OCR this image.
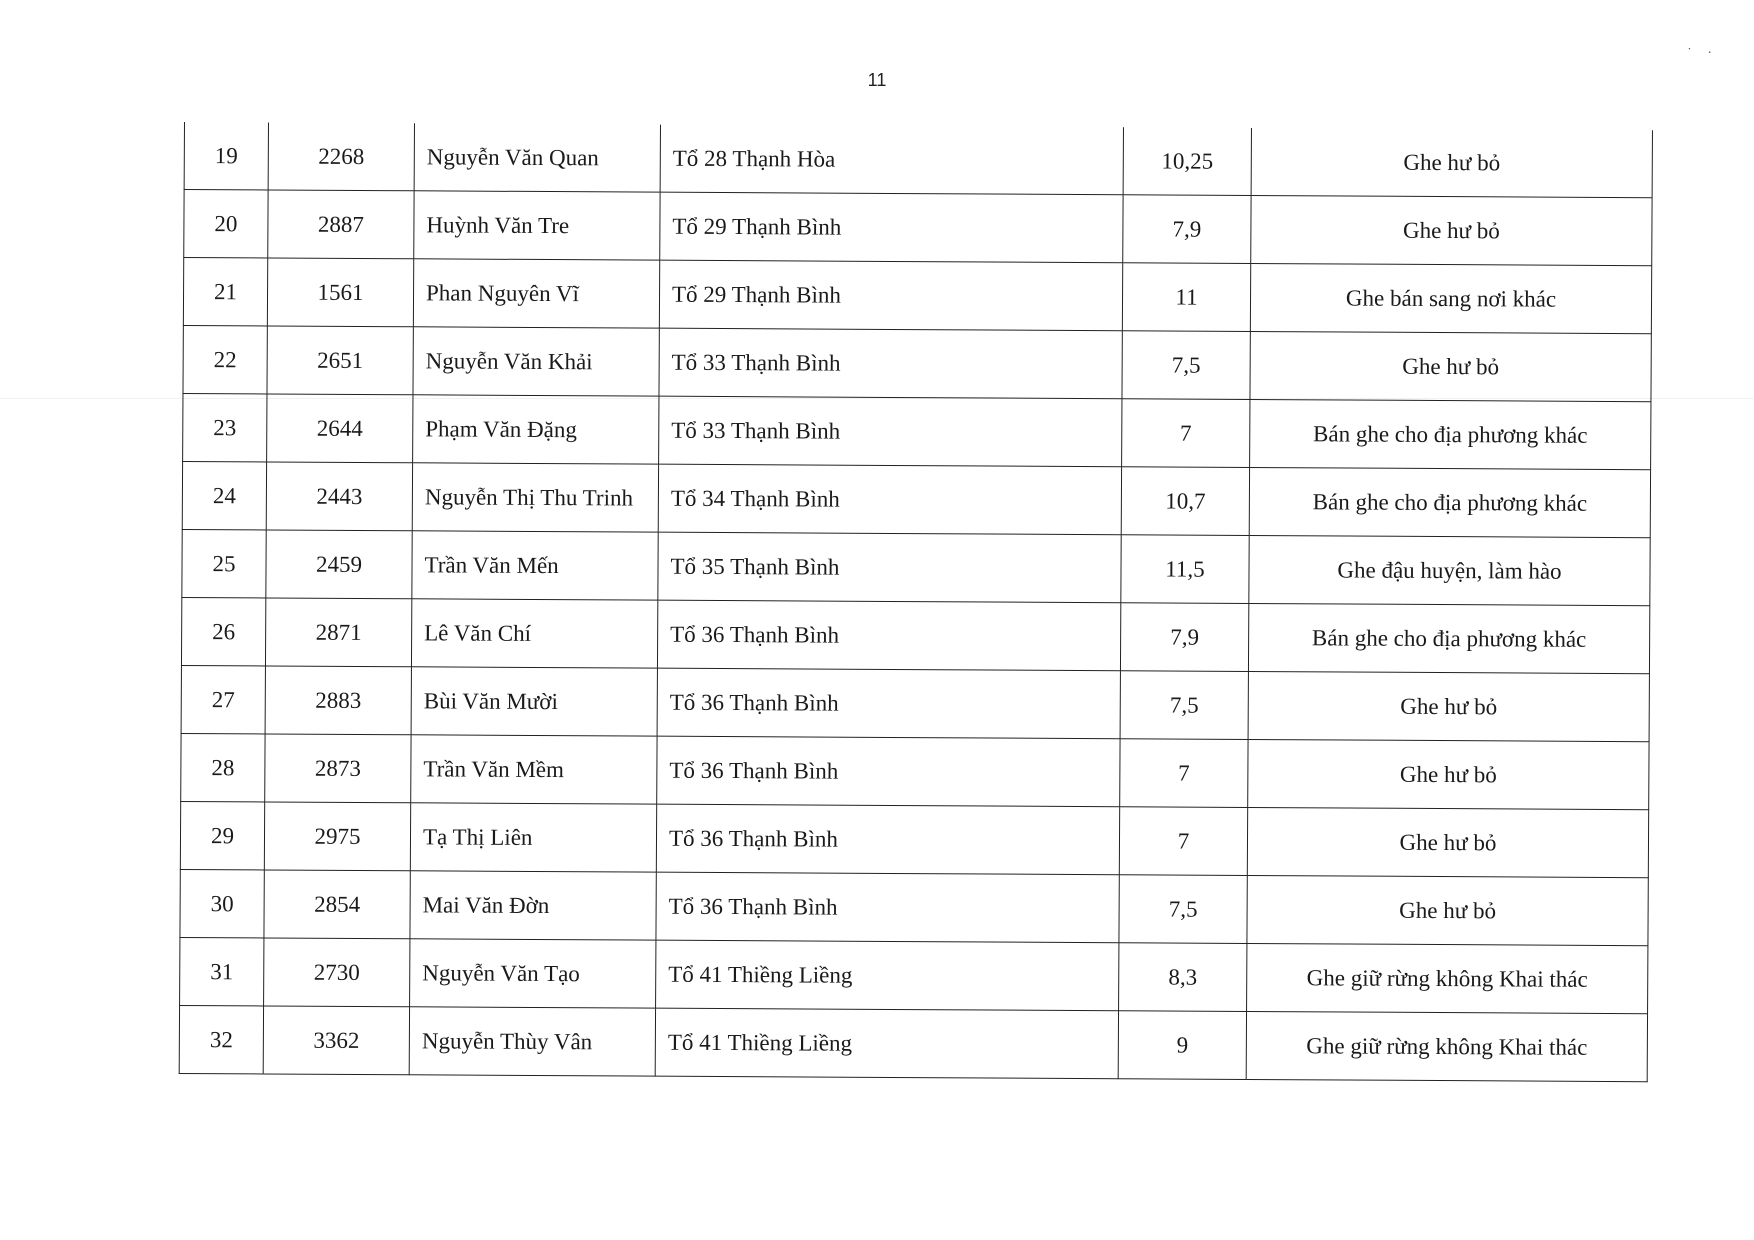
11
˙ ·
19	2268	Nguyễn Văn Quan	Tổ 28 Thạnh Hòa	10,25	Ghe hư bỏ
20	2887	Huỳnh Văn Tre	Tổ 29 Thạnh Bình	7,9	Ghe hư bỏ
21	1561	Phan Nguyên Vĩ	Tổ 29 Thạnh Bình	11	Ghe bán sang nơi khác
22	2651	Nguyễn Văn Khải	Tổ 33 Thạnh Bình	7,5	Ghe hư bỏ
23	2644	Phạm Văn Đặng	Tổ 33 Thạnh Bình	7	Bán ghe cho địa phương khác
24	2443	Nguyễn Thị Thu Trinh	Tổ 34 Thạnh Bình	10,7	Bán ghe cho địa phương khác
25	2459	Trần Văn Mến	Tổ 35 Thạnh Bình	11,5	Ghe đậu huyện, làm hào
26	2871	Lê Văn Chí	Tổ 36 Thạnh Bình	7,9	Bán ghe cho địa phương khác
27	2883	Bùi Văn Mười	Tổ 36 Thạnh Bình	7,5	Ghe hư bỏ
28	2873	Trần Văn Mềm	Tổ 36 Thạnh Bình	7	Ghe hư bỏ
29	2975	Tạ Thị Liên	Tổ 36 Thạnh Bình	7	Ghe hư bỏ
30	2854	Mai Văn Đờn	Tổ 36 Thạnh Bình	7,5	Ghe hư bỏ
31	2730	Nguyễn Văn Tạo	Tổ 41 Thiềng Liềng	8,3	Ghe giữ rừng không Khai thác
32	3362	Nguyễn Thùy Vân	Tổ 41 Thiềng Liềng	9	Ghe giữ rừng không Khai thác
